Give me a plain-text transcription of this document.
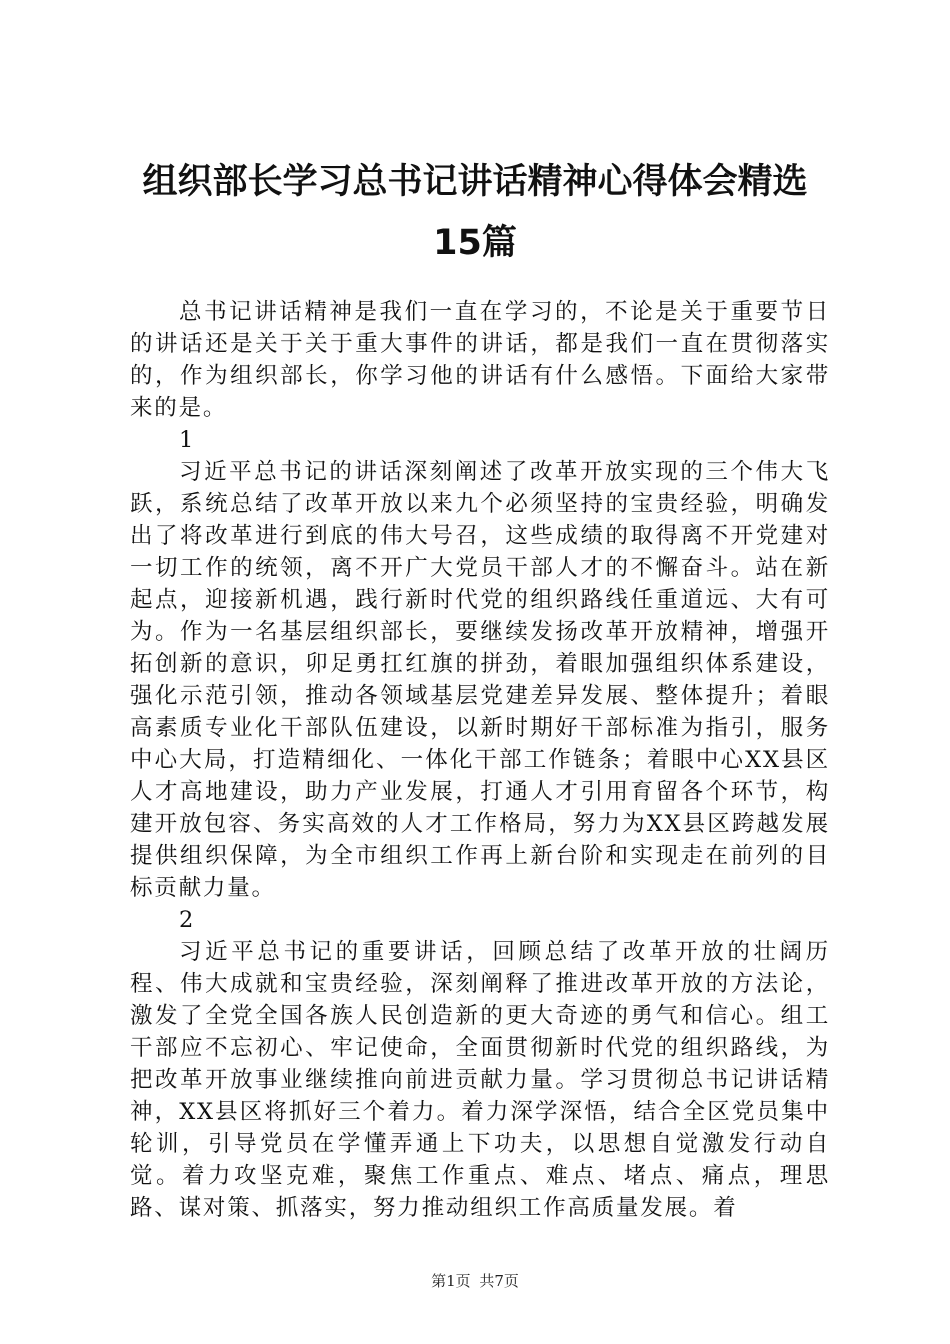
组织部长学习总书记讲话精神心得体会精选
15篇

总书记讲话精神是我们一直在学习的，不论是关于重要节日的讲话还是关于关于重大事件的讲话，都是我们一直在贯彻落实的，作为组织部长，你学习他的讲话有什么感悟。下面给大家带来的是。

1

习近平总书记的讲话深刻阐述了改革开放实现的三个伟大飞跃，系统总结了改革开放以来九个必须坚持的宝贵经验，明确发出了将改革进行到底的伟大号召，这些成绩的取得离不开党建对一切工作的统领，离不开广大党员干部人才的不懈奋斗。站在新起点，迎接新机遇，践行新时代党的组织路线任重道远、大有可为。作为一名基层组织部长，要继续发扬改革开放精神，增强开拓创新的意识，卯足勇扛红旗的拼劲，着眼加强组织体系建设，强化示范引领，推动各领域基层党建差异发展、整体提升；着眼高素质专业化干部队伍建设，以新时期好干部标准为指引，服务中心大局，打造精细化、一体化干部工作链条；着眼中心XX县区人才高地建设，助力产业发展，打通人才引用育留各个环节，构建开放包容、务实高效的人才工作格局，努力为XX县区跨越发展提供组织保障，为全市组织工作再上新台阶和实现走在前列的目标贡献力量。

2

习近平总书记的重要讲话，回顾总结了改革开放的壮阔历程、伟大成就和宝贵经验，深刻阐释了推进改革开放的方法论，激发了全党全国各族人民创造新的更大奇迹的勇气和信心。组工干部应不忘初心、牢记使命，全面贯彻新时代党的组织路线，为把改革开放事业继续推向前进贡献力量。学习贯彻总书记讲话精神，XX县区将抓好三个着力。着力深学深悟，结合全区党员集中轮训，引导党员在学懂弄通上下功夫，以思想自觉激发行动自觉。着力攻坚克难，聚焦工作重点、难点、堵点、痛点，理思路、谋对策、抓落实，努力推动组织工作高质量发展。着

第1页 共7页
